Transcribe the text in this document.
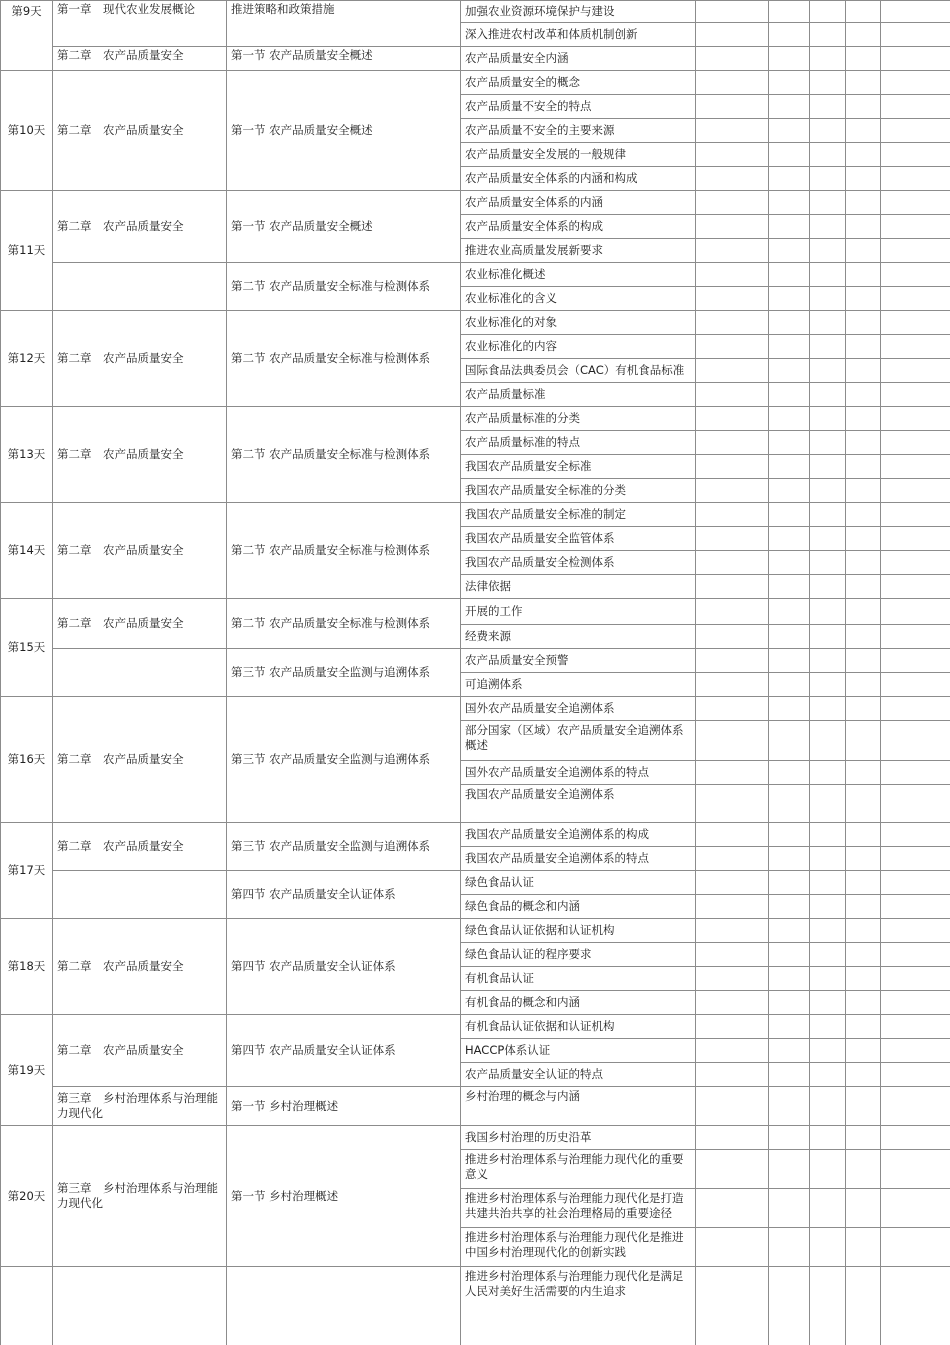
第9天	第一章　现代农业发展概论	推进策略和政策措施	加强农业资源环境保护与建设					
			深入推进农村改革和体质机制创新					
	第二章　农产品质量安全	第一节 农产品质量安全概述	农产品质量安全内涵					
第10天	第二章　农产品质量安全	第一节 农产品质量安全概述	农产品质量安全的概念					
			农产品质量不安全的特点					
			农产品质量不安全的主要来源					
			农产品质量安全发展的一般规律					
			农产品质量安全体系的内涵和构成					
第11天	第二章　农产品质量安全	第一节 农产品质量安全概述	农产品质量安全体系的内涵					
			农产品质量安全体系的构成					
			推进农业高质量发展新要求					
		第二节 农产品质量安全标准与检测体系	农业标准化概述					
			农业标准化的含义					
第12天	第二章　农产品质量安全	第二节 农产品质量安全标准与检测体系	农业标准化的对象					
			农业标准化的内容					
			国际食品法典委员会（CAC）有机食品标准					
			农产品质量标准					
第13天	第二章　农产品质量安全	第二节 农产品质量安全标准与检测体系	农产品质量标准的分类					
			农产品质量标准的特点					
			我国农产品质量安全标准					
			我国农产品质量安全标准的分类					
第14天	第二章　农产品质量安全	第二节 农产品质量安全标准与检测体系	我国农产品质量安全标准的制定					
			我国农产品质量安全监管体系					
			我国农产品质量安全检测体系					
			法律依据					
第15天	第二章　农产品质量安全	第二节 农产品质量安全标准与检测体系	开展的工作					
			经费来源					
		第三节 农产品质量安全监测与追溯体系	农产品质量安全预警					
			可追溯体系					
第16天	第二章　农产品质量安全	第三节 农产品质量安全监测与追溯体系	国外农产品质量安全追溯体系					
			部分国家（区域）农产品质量安全追溯体系概述					
			国外农产品质量安全追溯体系的特点					
			我国农产品质量安全追溯体系					
第17天	第二章　农产品质量安全	第三节 农产品质量安全监测与追溯体系	我国农产品质量安全追溯体系的构成					
			我国农产品质量安全追溯体系的特点					
		第四节 农产品质量安全认证体系	绿色食品认证					
			绿色食品的概念和内涵					
第18天	第二章　农产品质量安全	第四节 农产品质量安全认证体系	绿色食品认证依据和认证机构					
			绿色食品认证的程序要求					
			有机食品认证					
			有机食品的概念和内涵					
第19天	第二章　农产品质量安全	第四节 农产品质量安全认证体系	有机食品认证依据和认证机构					
			HACCP体系认证					
			农产品质量安全认证的特点					
	第三章　乡村治理体系与治理能力现代化	第一节 乡村治理概述	乡村治理的概念与内涵					
第20天	第三章　乡村治理体系与治理能力现代化	第一节 乡村治理概述	我国乡村治理的历史沿革					
			推进乡村治理体系与治理能力现代化的重要意义					
			推进乡村治理体系与治理能力现代化是打造共建共治共享的社会治理格局的重要途径					
			推进乡村治理体系与治理能力现代化是推进中国乡村治理现代化的创新实践					
			推进乡村治理体系与治理能力现代化是满足人民对美好生活需要的内生追求					
